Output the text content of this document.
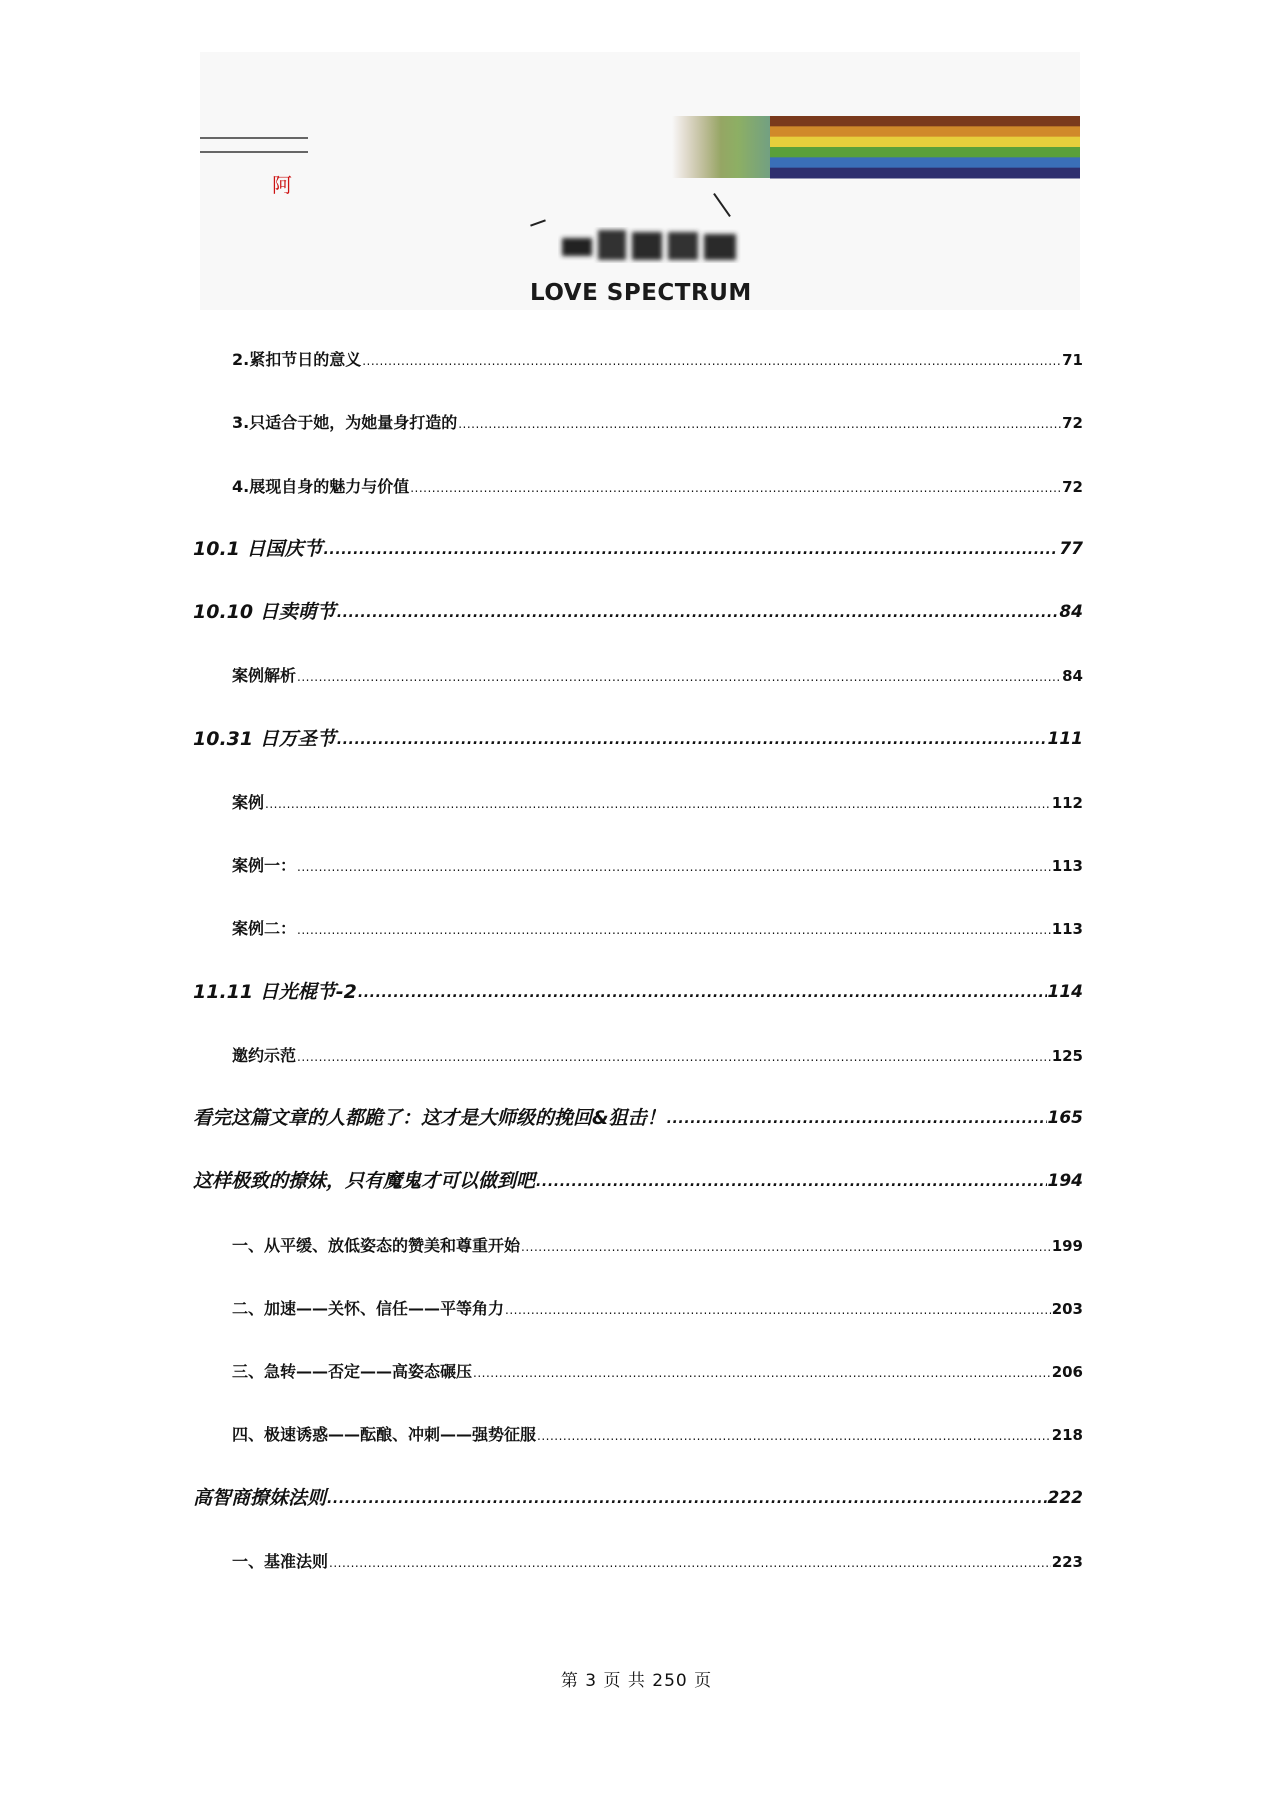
阿
LOVE SPECTRUM
2.紧扣节日的意义 .....	71
3.只适合于她，为她量身打造的 .....	72
4.展现自身的魅力与价值 .....	72
10.1 日国庆节 .....	77
10.10 日卖萌节 .....	84
案例解析 .....	84
10.31 日万圣节 .....	111
案例 .....	112
案例一： .....	113
案例二： .....	113
11.11 日光棍节-2 .....	114
邀约示范 .....	125
看完这篇文章的人都跪了：这才是大师级的挽回&狙击！ .....	165
这样极致的撩妹，只有魔鬼才可以做到吧 .....	194
一、从平缓、放低姿态的赞美和尊重开始 .....	199
二、加速——关怀、信任——平等角力 .....	203
三、急转——否定——高姿态碾压 .....	206
四、极速诱惑——酝酿、冲刺——强势征服 .....	218
高智商撩妹法则 .....	222
一、基准法则 .....	223
第 3 页 共 250 页
